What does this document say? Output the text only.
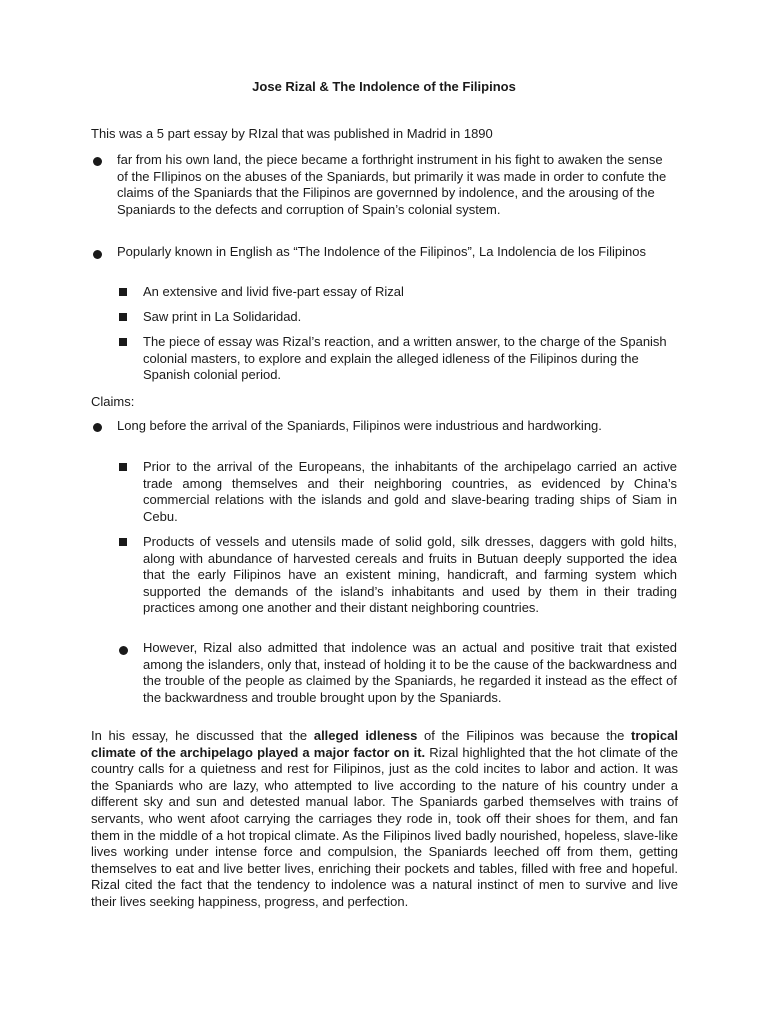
Jose Rizal & The Indolence of the Filipinos
This was a 5 part essay by RIzal that was published in Madrid in 1890
far from his own land, the piece became a forthright instrument in his fight to awaken the sense of the FIlipinos on the abuses of the Spaniards, but primarily it was made in order to confute the claims of the Spaniards that the Filipinos are governned by indolence, and the arousing of the Spaniards to the defects and corruption of Spain’s colonial system.
Popularly known in English as “The Indolence of the Filipinos”, La Indolencia de los Filipinos
An extensive and livid five-part essay of Rizal
Saw print in La Solidaridad.
The piece of essay was Rizal’s reaction, and a written answer, to the charge of the Spanish colonial masters, to explore and explain the alleged idleness of the Filipinos during the Spanish colonial period.
Claims:
Long before the arrival of the Spaniards, Filipinos were industrious and hardworking.
Prior to the arrival of the Europeans, the inhabitants of the archipelago carried an active trade among themselves and their neighboring countries, as evidenced by China’s commercial relations with the islands and gold and slave-bearing trading ships of Siam in Cebu.
Products of vessels and utensils made of solid gold, silk dresses, daggers with gold hilts, along with abundance of harvested cereals and fruits in Butuan deeply supported the idea that the early Filipinos have an existent mining, handicraft, and farming system which supported the demands of the island’s inhabitants and used by them in their trading practices among one another and their distant neighboring countries.
However, Rizal also admitted that indolence was an actual and positive trait that existed among the islanders, only that, instead of holding it to be the cause of the backwardness and the trouble of the people as claimed by the Spaniards, he regarded it instead as the effect of the backwardness and trouble brought upon by the Spaniards.
In his essay, he discussed that the alleged idleness of the Filipinos was because the tropical climate of the archipelago played a major factor on it. Rizal highlighted that the hot climate of the country calls for a quietness and rest for Filipinos, just as the cold incites to labor and action. It was the Spaniards who are lazy, who attempted to live according to the nature of his country under a different sky and sun and detested manual labor. The Spaniards garbed themselves with trains of servants, who went afoot carrying the carriages they rode in, took off their shoes for them, and fan them in the middle of a hot tropical climate. As the Filipinos lived badly nourished, hopeless, slave-like lives working under intense force and compulsion, the Spaniards leeched off from them, getting themselves to eat and live better lives, enriching their pockets and tables, filled with free and hopeful. Rizal cited the fact that the tendency to indolence was a natural instinct of men to survive and live their lives seeking happiness, progress, and perfection.
